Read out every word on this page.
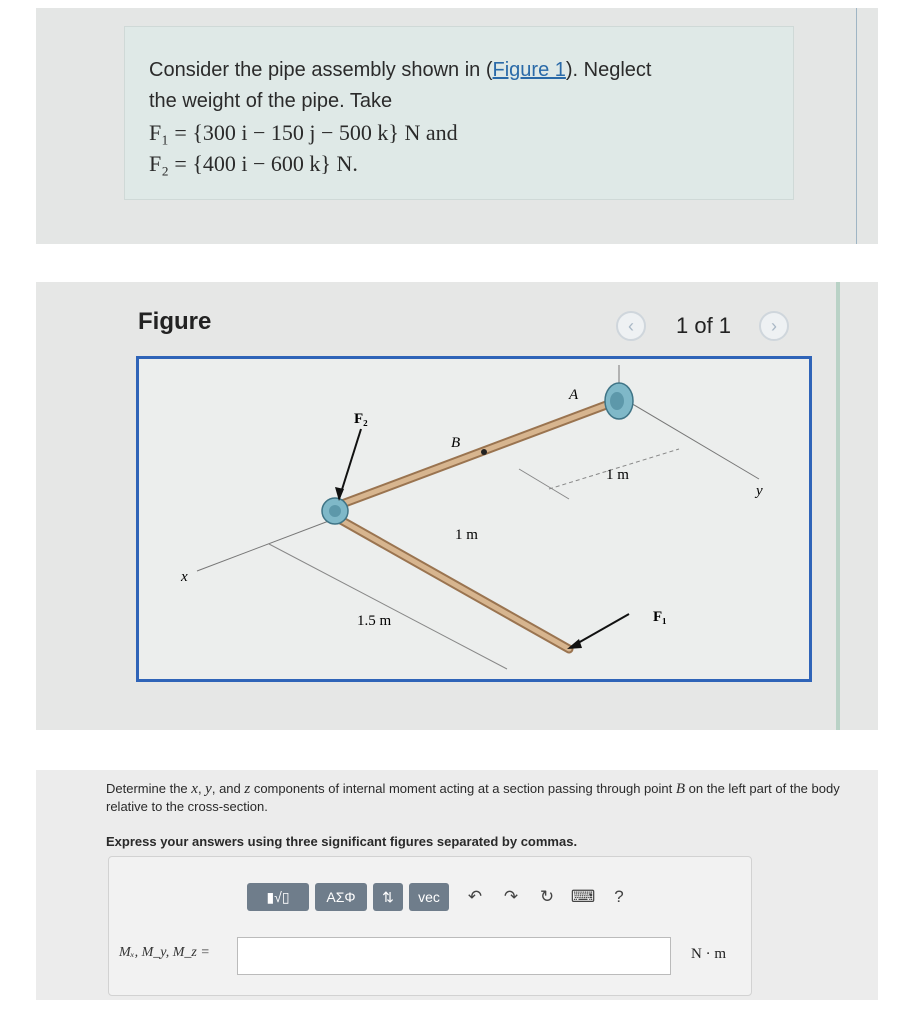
Consider the pipe assembly shown in (Figure 1). Neglect
the weight of the pipe. Take
F₁ = {300 i − 150 j − 500 k} N and
F₂ = {400 i − 600 k} N.
Figure	‹	1 of 1	›
F₂
B
A
1 m
1 m
1.5 m	F₁
x
y
Determine the x, y, and z components of internal moment acting at a section passing through point B on the left part of the body relative to the cross-section.
Express your answers using three significant figures separated by commas.
▮√▯	ΑΣΦ	⇅	vec	↶	↷	↻ ⌨	?
Mₓ, M_y, M_z =	N · m
